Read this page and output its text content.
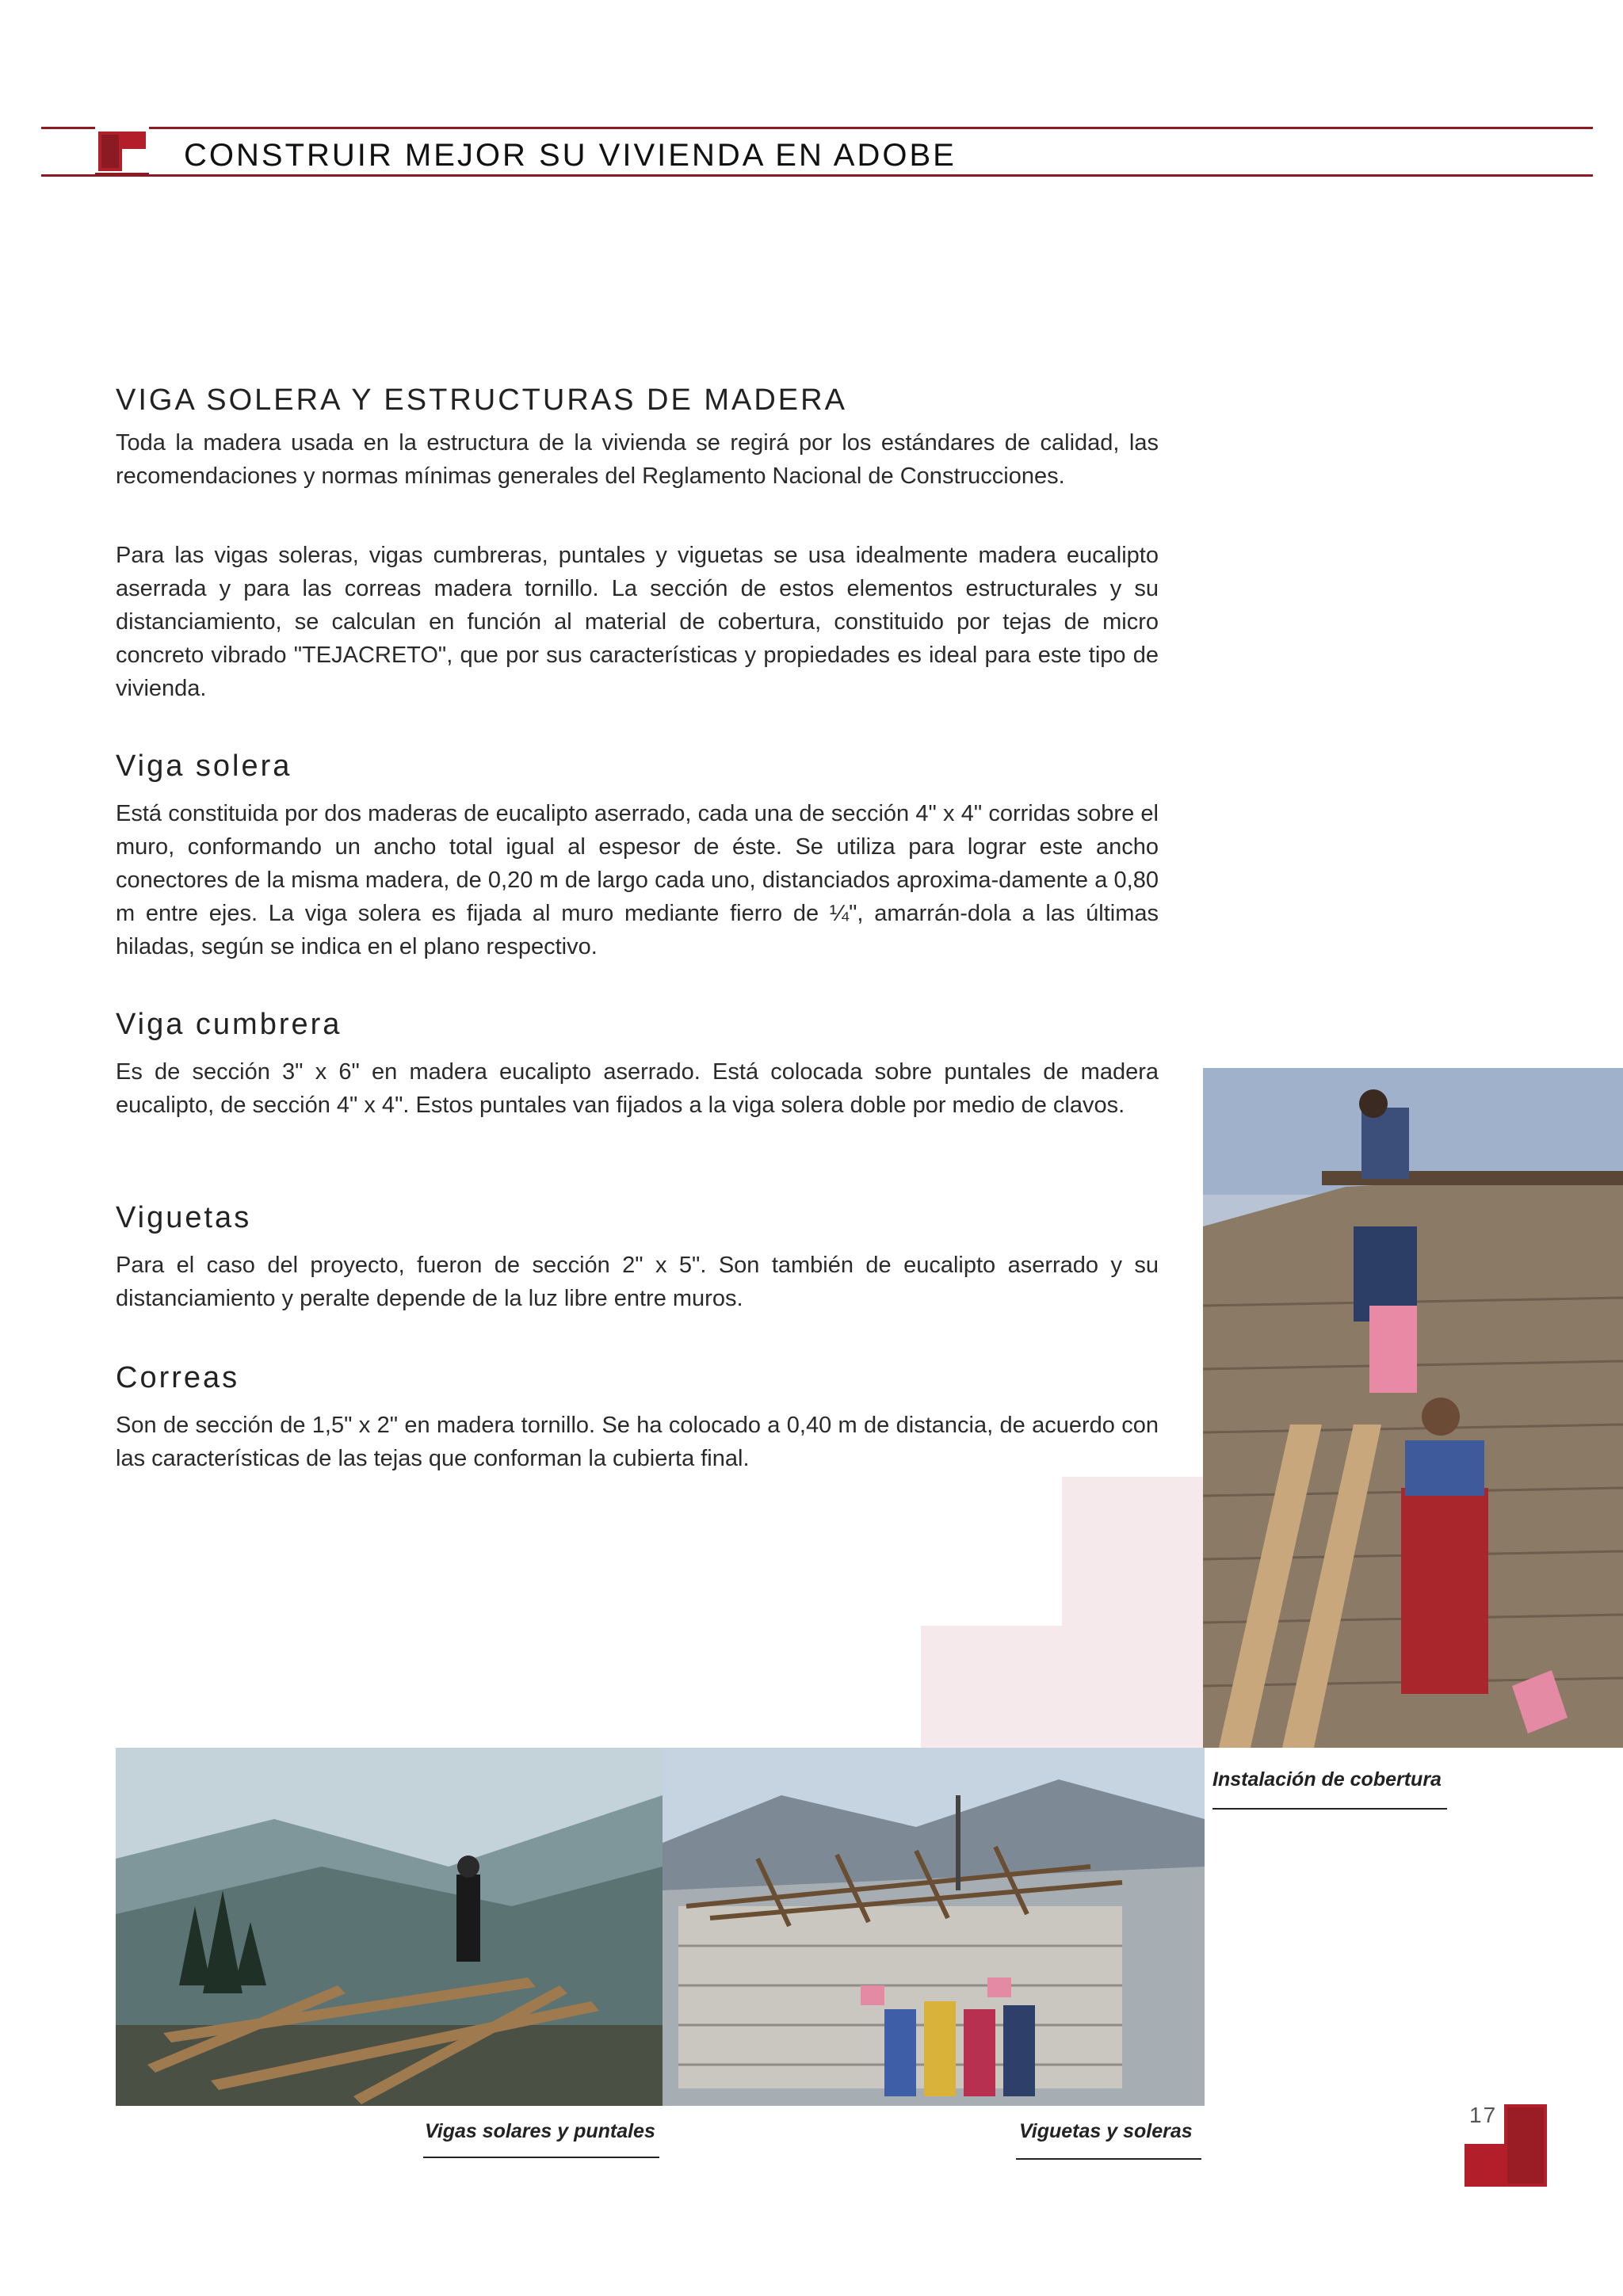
CONSTRUIR MEJOR SU VIVIENDA EN ADOBE
VIGA SOLERA Y ESTRUCTURAS DE MADERA

Toda la madera usada en la estructura de la vivienda se regirá por los estándares de calidad, las recomendaciones y normas mínimas generales del Reglamento Nacional de Construcciones.

Para las vigas soleras, vigas cumbreras, puntales y viguetas se usa idealmente madera eucalipto aserrada y para las correas madera tornillo. La sección de estos elementos estructurales y su distanciamiento, se calculan en función al material de cobertura, constituido por tejas de micro concreto vibrado "TEJACRETO", que por sus características y propiedades es ideal para este tipo de vivienda.

Viga solera

Está constituida por dos maderas de eucalipto aserrado, cada una de sección 4" x 4" corridas sobre el muro, conformando un ancho total igual al espesor de éste. Se utiliza para lograr este ancho conectores de la misma madera, de 0,20 m de largo cada uno, distanciados aproxima-damente a 0,80 m entre ejes. La viga solera es fijada al muro mediante fierro de ¼", amarrán-dola a las últimas hiladas, según se indica en el plano respectivo.

Viga cumbrera

Es de sección 3" x 6" en madera eucalipto aserrado. Está colocada sobre puntales de madera eucalipto, de sección 4" x 4". Estos puntales van fijados a la viga solera doble por medio de clavos.

Viguetas

Para el caso del proyecto, fueron de sección 2" x 5". Son también de eucalipto aserrado y su distanciamiento y peralte depende de la luz libre entre muros.

Correas

Son de sección de 1,5" x 2" en madera tornillo. Se ha colocado a 0,40 m de distancia, de acuerdo con las características de las tejas que conforman la cubierta final.

Instalación de cobertura
Vigas solares y puntales	Viguetas y soleras
17
